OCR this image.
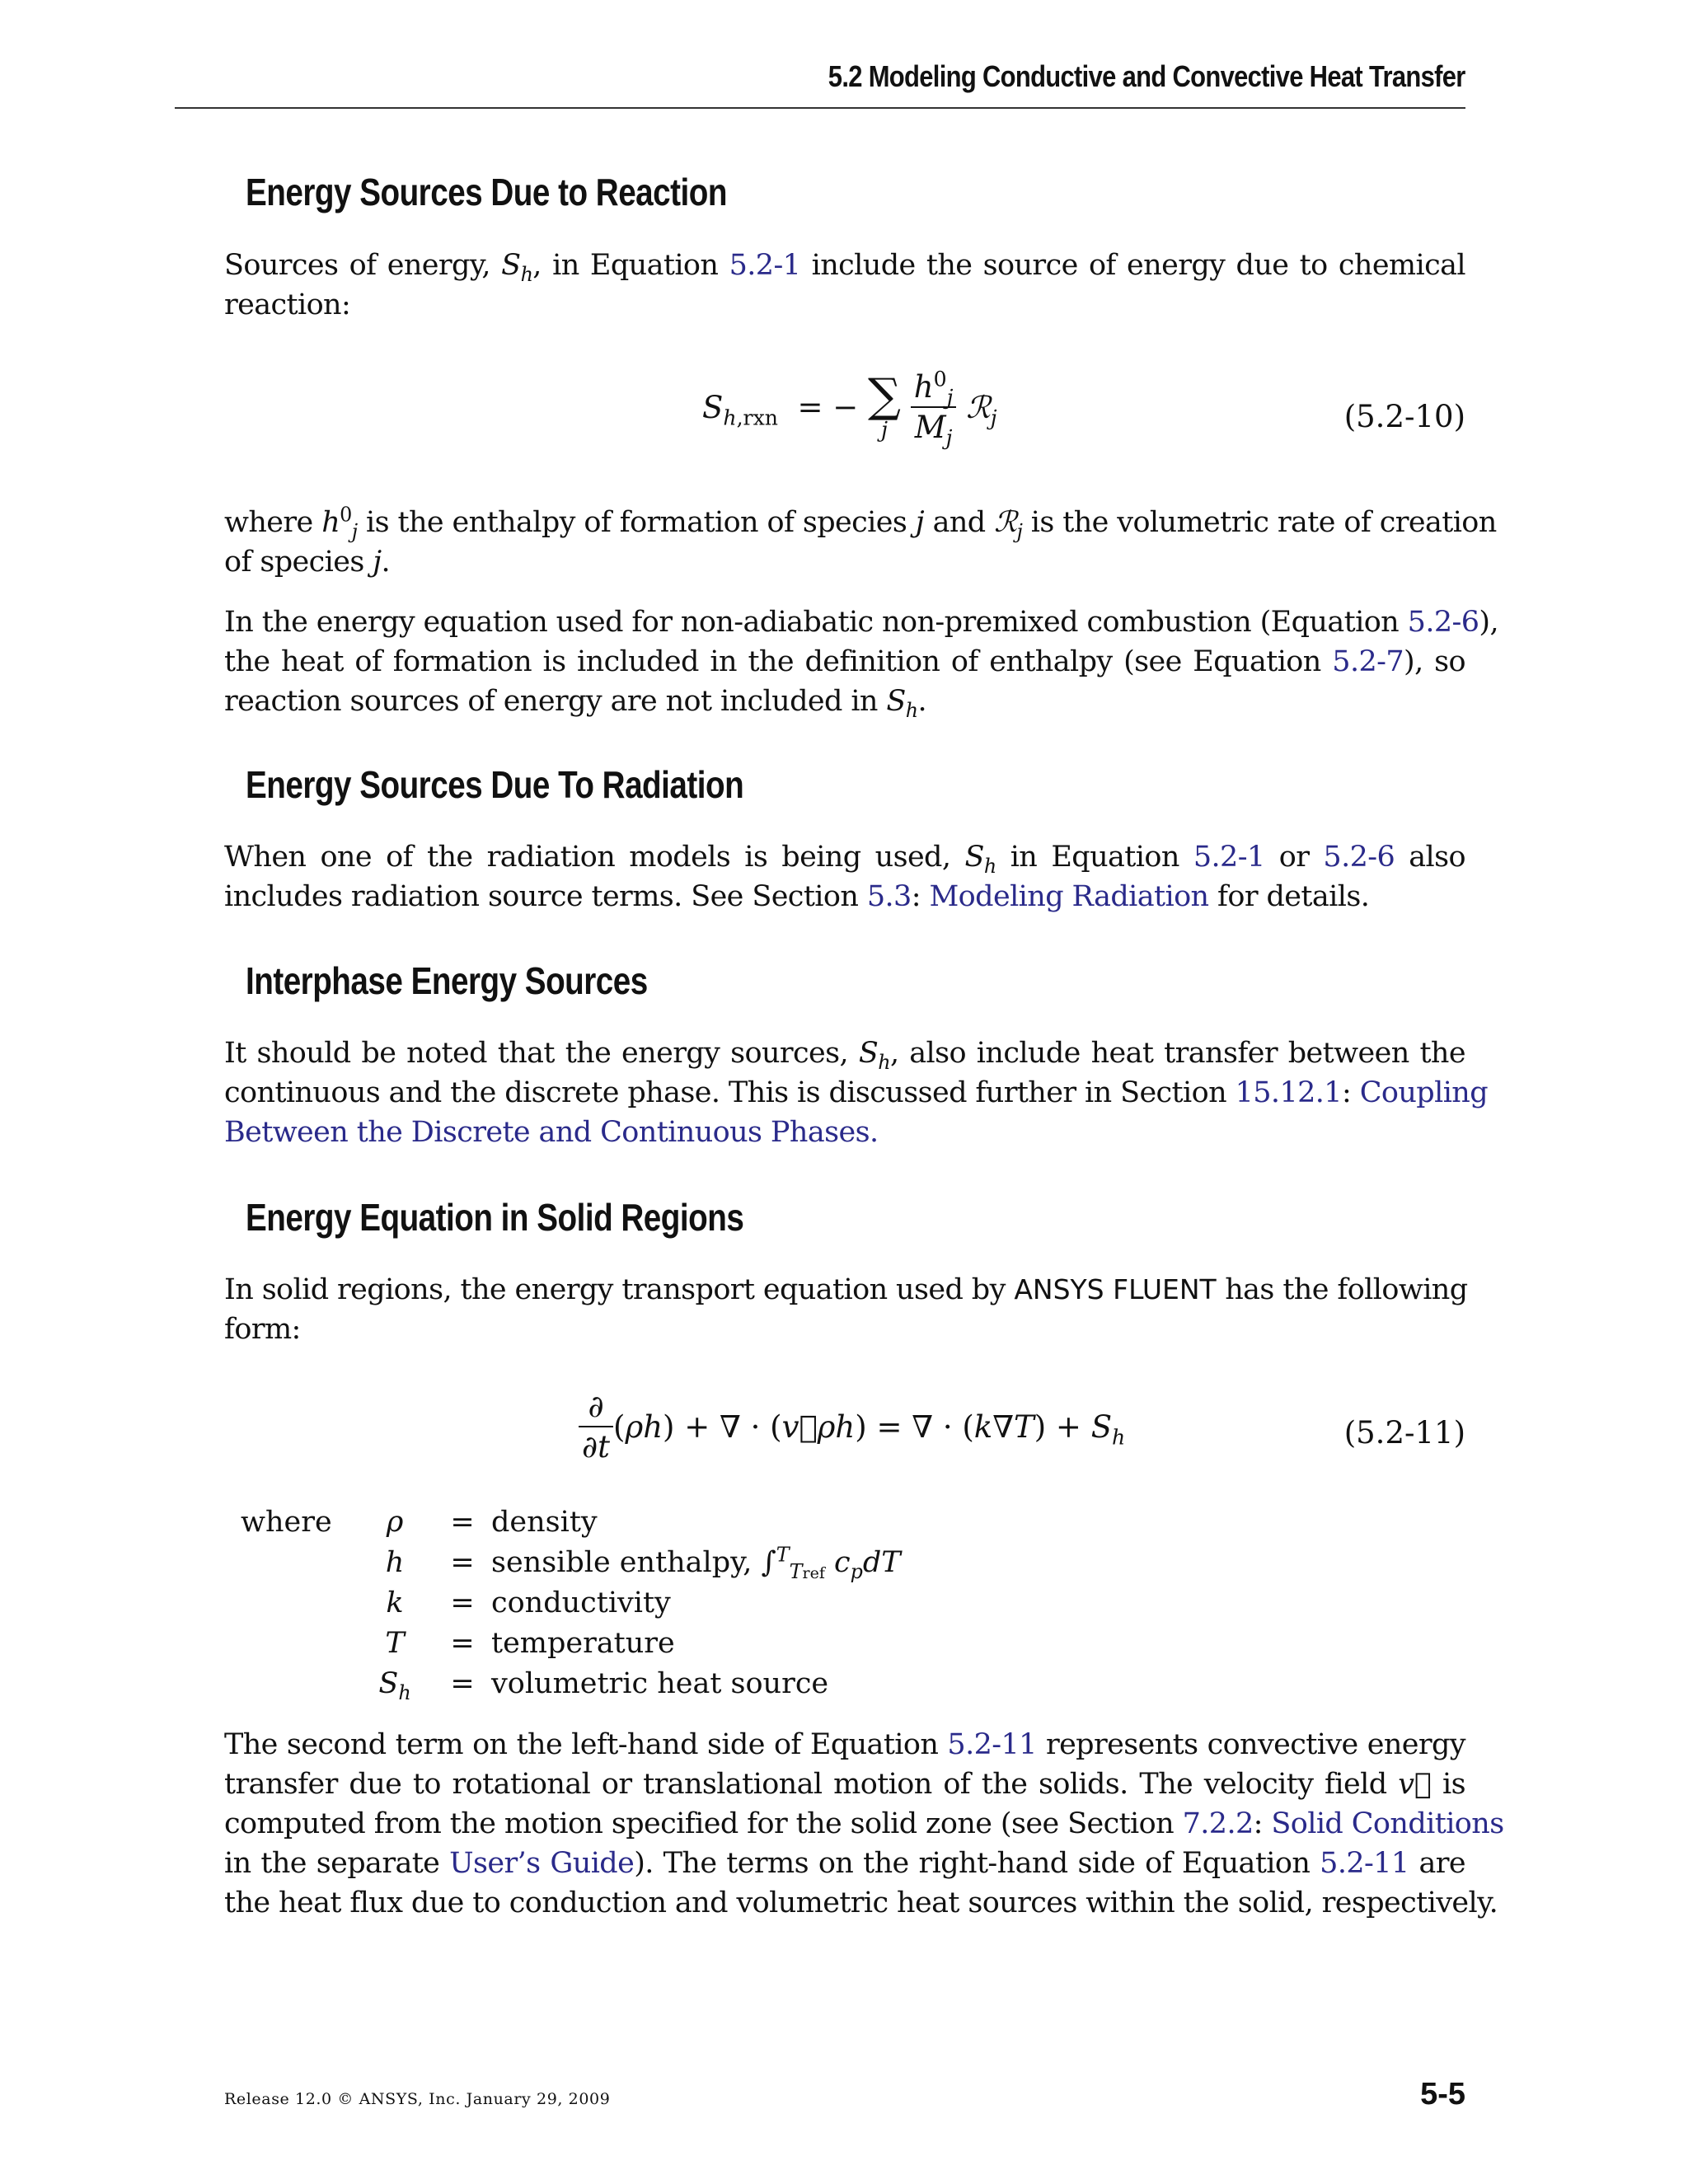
5.2 Modeling Conductive and Convective Heat Transfer
Energy Sources Due to Reaction
Sources of energy, $S_h$, in Equation 5.2-1 include the source of energy due to chemical
reaction:
$S_{h,rxn}$  = − ∑
j
$\frac{h^0_j}{M_j}$ ℛ$_j$	(5.2-10)
where $h^0_j$ is the enthalpy of formation of species j and ℛ$_j$ is the volumetric rate of creation
of species j.
In the energy equation used for non-adiabatic non-premixed combustion (Equation 5.2-6),
the heat of formation is included in the definition of enthalpy (see Equation 5.2-7), so
reaction sources of energy are not included in $S_h$.
Energy Sources Due To Radiation
When one of the radiation models is being used, $S_h$ in Equation 5.2-1 or 5.2-6 also
includes radiation source terms. See Section 5.3: Modeling Radiation for details.
Interphase Energy Sources
It should be noted that the energy sources, $S_h$, also include heat transfer between the
continuous and the discrete phase. This is discussed further in Section 15.12.1: Coupling
Between the Discrete and Continuous Phases.
Energy Equation in Solid Regions
In solid regions, the energy transport equation used by ANSYS FLUENT has the following
form:
$\frac{\partial}{\partial t} (\rho h)$ + ∇ · (v⃗ρh) = ∇ · $(k\nabla T) + S_h$	(5.2-11)
where	ρ	=	density
	h	=	sensible enthalpy, ∫$^T_{Tref}$ $c_pdT$
	k	=	conductivity
	T	=	temperature
	$S_h$	=	volumetric heat source
The second term on the left-hand side of Equation 5.2-11 represents convective energy
transfer due to rotational or translational motion of the solids. The velocity field v⃗ is
computed from the motion specified for the solid zone (see Section 7.2.2: Solid Conditions
in the separate User’s Guide). The terms on the right-hand side of Equation 5.2-11 are
the heat flux due to conduction and volumetric heat sources within the solid, respectively.
Release 12.0 © ANSYS, Inc. January 29, 2009	5-5
